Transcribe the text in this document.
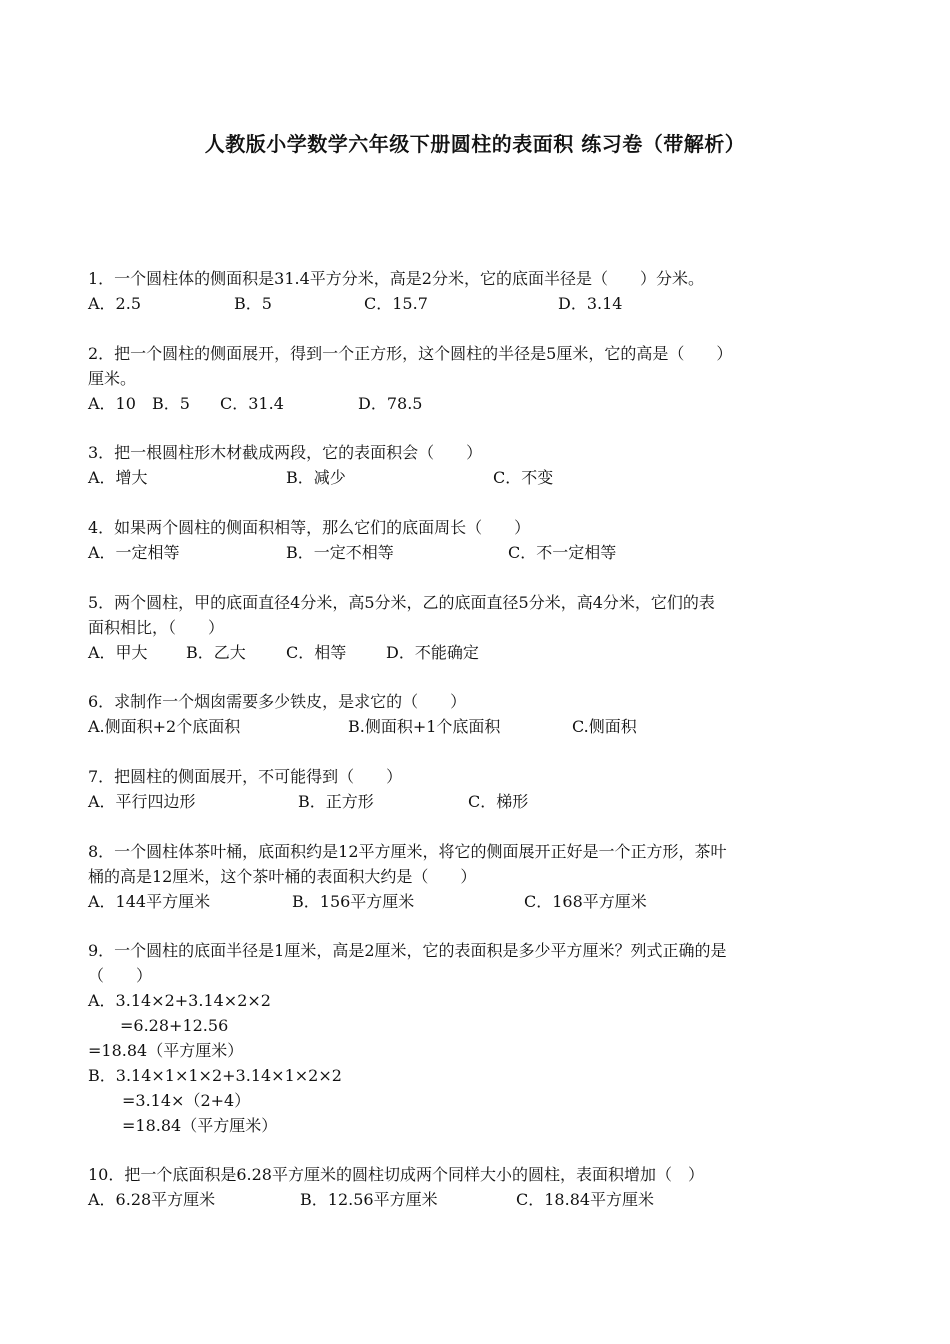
人教版小学数学六年级下册圆柱的表面积 练习卷（带解析）
1．一个圆柱体的侧面积是31.4平方分米，高是2分米，它的底面半径是（　　）分米。
A．2.5	B．5	C．15.7	D．3.14
2．把一个圆柱的侧面展开，得到一个正方形，这个圆柱的半径是5厘米，它的高是（　　）
厘米。
A．10 B．5 C．31.4	D．78.5
3．把一根圆柱形木材截成两段，它的表面积会（　　）
A．增大	B．减少	C．不变
4．如果两个圆柱的侧面积相等，那么它们的底面周长（　　）
A．一定相等	B．一定不相等	C．不一定相等
5．两个圆柱，甲的底面直径4分米，高5分米，乙的底面直径5分米，高4分米，它们的表
面积相比，（　　）
A．甲大 B．乙大	C．相等 D．不能确定
6．求制作一个烟囱需要多少铁皮，是求它的（　　）
A.侧面积+2个底面积	B.侧面积+1个底面积	C.侧面积
7．把圆柱的侧面展开，不可能得到（　　）
A．平行四边形	B．正方形	C．梯形
8．一个圆柱体茶叶桶，底面积约是12平方厘米，将它的侧面展开正好是一个正方形，茶叶
桶的高是12厘米，这个茶叶桶的表面积大约是（　　）
A．144平方厘米	B．156平方厘米	C．168平方厘米
9．一个圆柱的底面半径是1厘米，高是2厘米，它的表面积是多少平方厘米？列式正确的是
（　　）
A．3.14×2+3.14×2×2
=6.28+12.56
=18.84（平方厘米）
B．3.14×1×1×2+3.14×1×2×2
=3.14×（2+4）
=18.84（平方厘米）
10．把一个底面积是6.28平方厘米的圆柱切成两个同样大小的圆柱，表面积增加（　）
A．6.28平方厘米	B．12.56平方厘米	C．18.84平方厘米
